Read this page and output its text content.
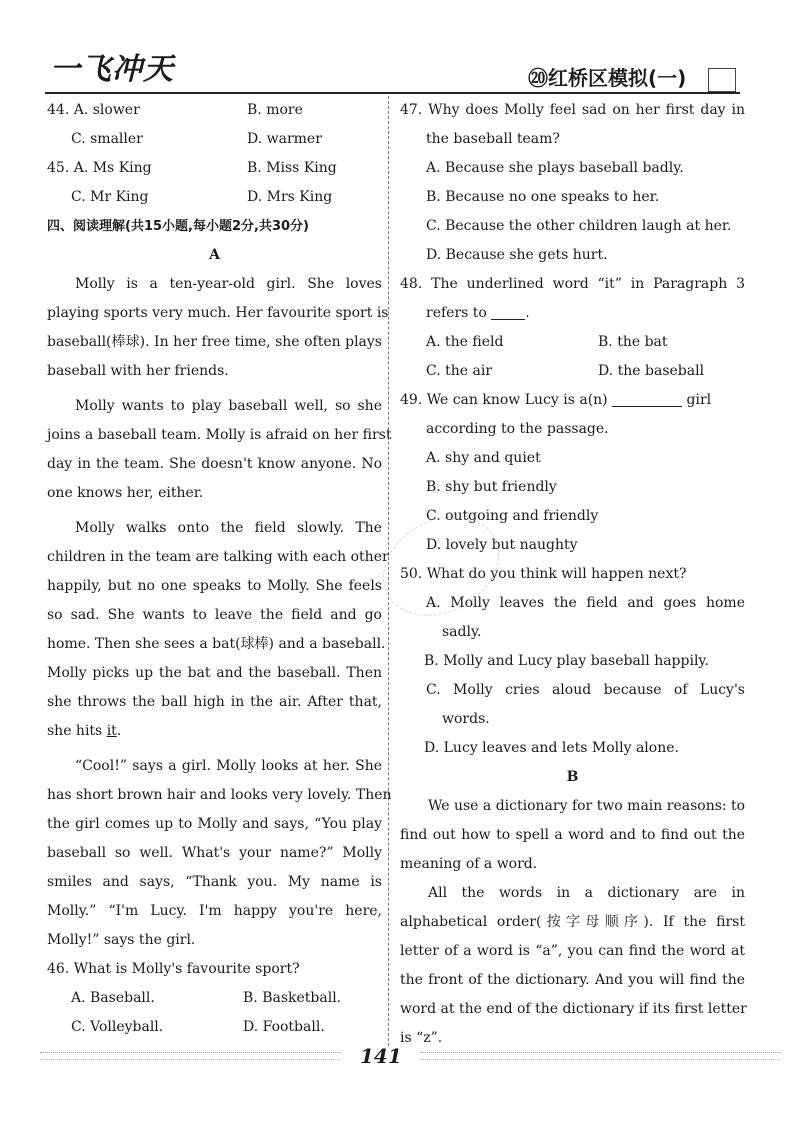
一飞冲天	⑳红桥区模拟(一)
44. A. slower	B. more
C. smaller	D. warmer
45. A. Ms King	B. Miss King
C. Mr King	D. Mrs King
四、阅读理解(共15小题,每小题2分,共30分)
A
Molly is a ten-year-old girl. She loves
playing sports very much. Her favourite sport is
baseball(棒球). In her free time, she often plays
baseball with her friends.
Molly wants to play baseball well, so she
joins a baseball team. Molly is afraid on her first
day in the team. She doesn't know anyone. No
one knows her, either.
Molly walks onto the field slowly. The
children in the team are talking with each other
happily, but no one speaks to Molly. She feels
so sad. She wants to leave the field and go
home. Then she sees a bat(球棒) and a baseball.
Molly picks up the bat and the baseball. Then
she throws the ball high in the air. After that,
she hits it.
“Cool!” says a girl. Molly looks at her. She
has short brown hair and looks very lovely. Then
the girl comes up to Molly and says, “You play
baseball so well. What's your name?” Molly
smiles and says, “Thank you. My name is
Molly.” “I'm Lucy. I'm happy you're here,
Molly!” says the girl.
46. What is Molly's favourite sport?
A. Baseball.	B. Basketball.
C. Volleyball.	D. Football.
47. Why does Molly feel sad on her first day in
the baseball team?
A. Because she plays baseball badly.
B. Because no one speaks to her.
C. Because the other children laugh at her.
D. Because she gets hurt.
48. The underlined word “it” in Paragraph 3
refers to	.
A. the field	B. the bat
C. the air	D. the baseball
49. We can know Lucy is a(n)	girl
according to the passage.
A. shy and quiet
B. shy but friendly
C. outgoing and friendly
D. lovely but naughty
50. What do you think will happen next?
A. Molly leaves the field and goes home
sadly.
B. Molly and Lucy play baseball happily.
C. Molly cries aloud because of Lucy's
words.
D. Lucy leaves and lets Molly alone.
B
We use a dictionary for two main reasons: to
find out how to spell a word and to find out the
meaning of a word.
All the words in a dictionary are in
alphabetical order(按字母顺序). If the first
letter of a word is “a”, you can find the word at
the front of the dictionary. And you will find the
word at the end of the dictionary if its first letter
is “z”.
141
